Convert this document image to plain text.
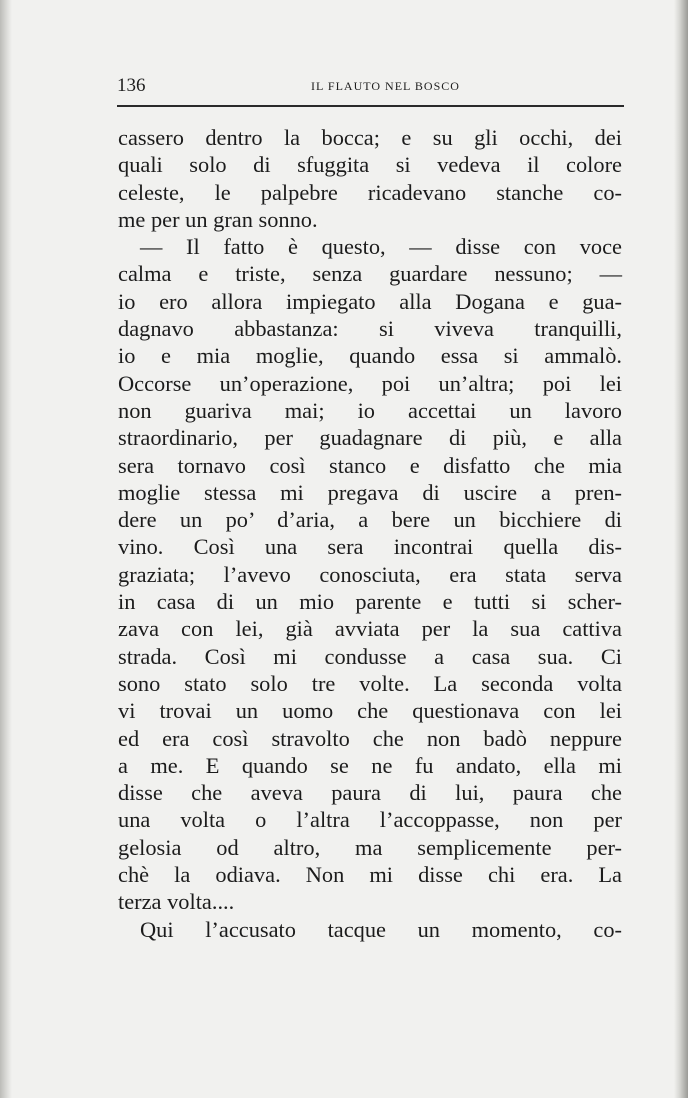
136	IL FLAUTO NEL BOSCO
cassero dentro la bocca; e su gli occhi, dei
quali solo di sfuggita si vedeva il colore
celeste, le palpebre ricadevano stanche co-
me per un gran sonno.
— Il fatto è questo, — disse con voce
calma e triste, senza guardare nessuno; —
io ero allora impiegato alla Dogana e gua-
dagnavo abbastanza: si viveva tranquilli,
io e mia moglie, quando essa si ammalò.
Occorse un’operazione, poi un’altra; poi lei
non guariva mai; io accettai un lavoro
straordinario, per guadagnare di più, e alla
sera tornavo così stanco e disfatto che mia
moglie stessa mi pregava di uscire a pren-
dere un po’ d’aria, a bere un bicchiere di
vino. Così una sera incontrai quella dis-
graziata; l’avevo conosciuta, era stata serva
in casa di un mio parente e tutti si scher-
zava con lei, già avviata per la sua cattiva
strada. Così mi condusse a casa sua. Ci
sono stato solo tre volte. La seconda volta
vi trovai un uomo che questionava con lei
ed era così stravolto che non badò neppure
a me. E quando se ne fu andato, ella mi
disse che aveva paura di lui, paura che
una volta o l’altra l’accoppasse, non per
gelosia od altro, ma semplicemente per-
chè la odiava. Non mi disse chi era. La
terza volta....
Qui l’accusato tacque un momento, co-
